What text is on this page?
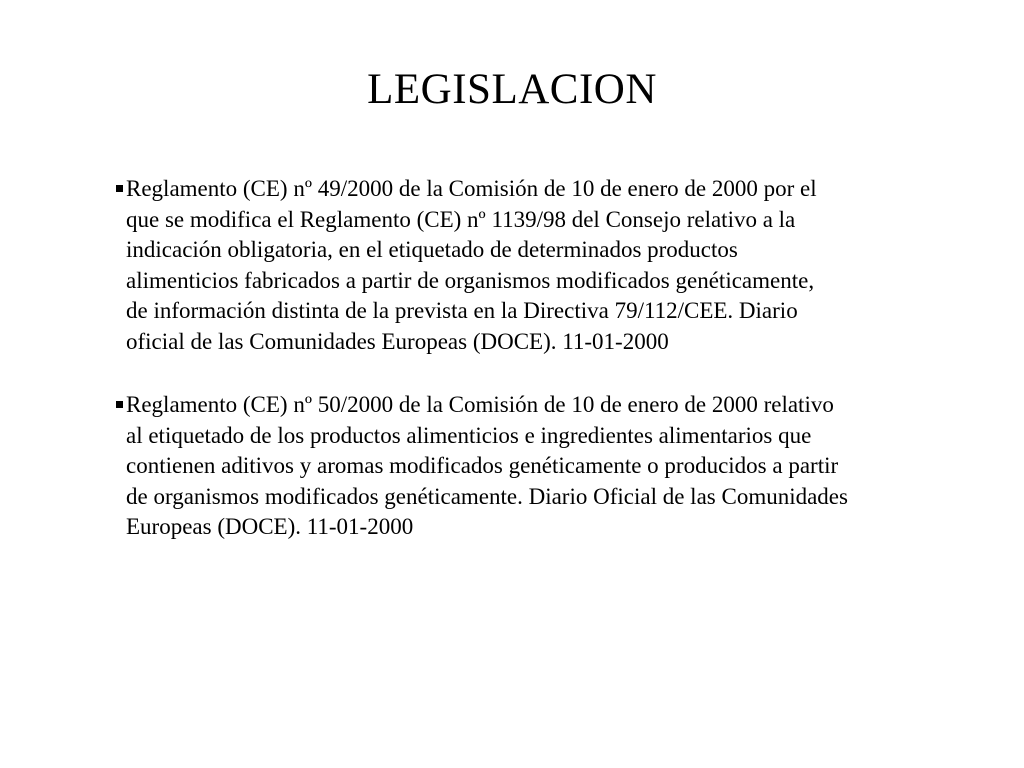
LEGISLACION
Reglamento (CE) nº 49/2000 de la Comisión de 10 de enero de 2000 por el
que se modifica el Reglamento (CE) nº 1139/98 del Consejo relativo a la
indicación obligatoria, en el etiquetado de determinados productos
alimenticios fabricados a partir de organismos modificados genéticamente,
de información distinta de la prevista en la Directiva 79/112/CEE. Diario
oficial de las Comunidades Europeas (DOCE). 11-01-2000
Reglamento (CE) nº 50/2000 de la Comisión de 10 de enero de 2000 relativo
al etiquetado de los productos alimenticios e ingredientes alimentarios que
contienen aditivos y aromas modificados genéticamente o producidos a partir
de organismos modificados genéticamente. Diario Oficial de las Comunidades
Europeas (DOCE). 11-01-2000
